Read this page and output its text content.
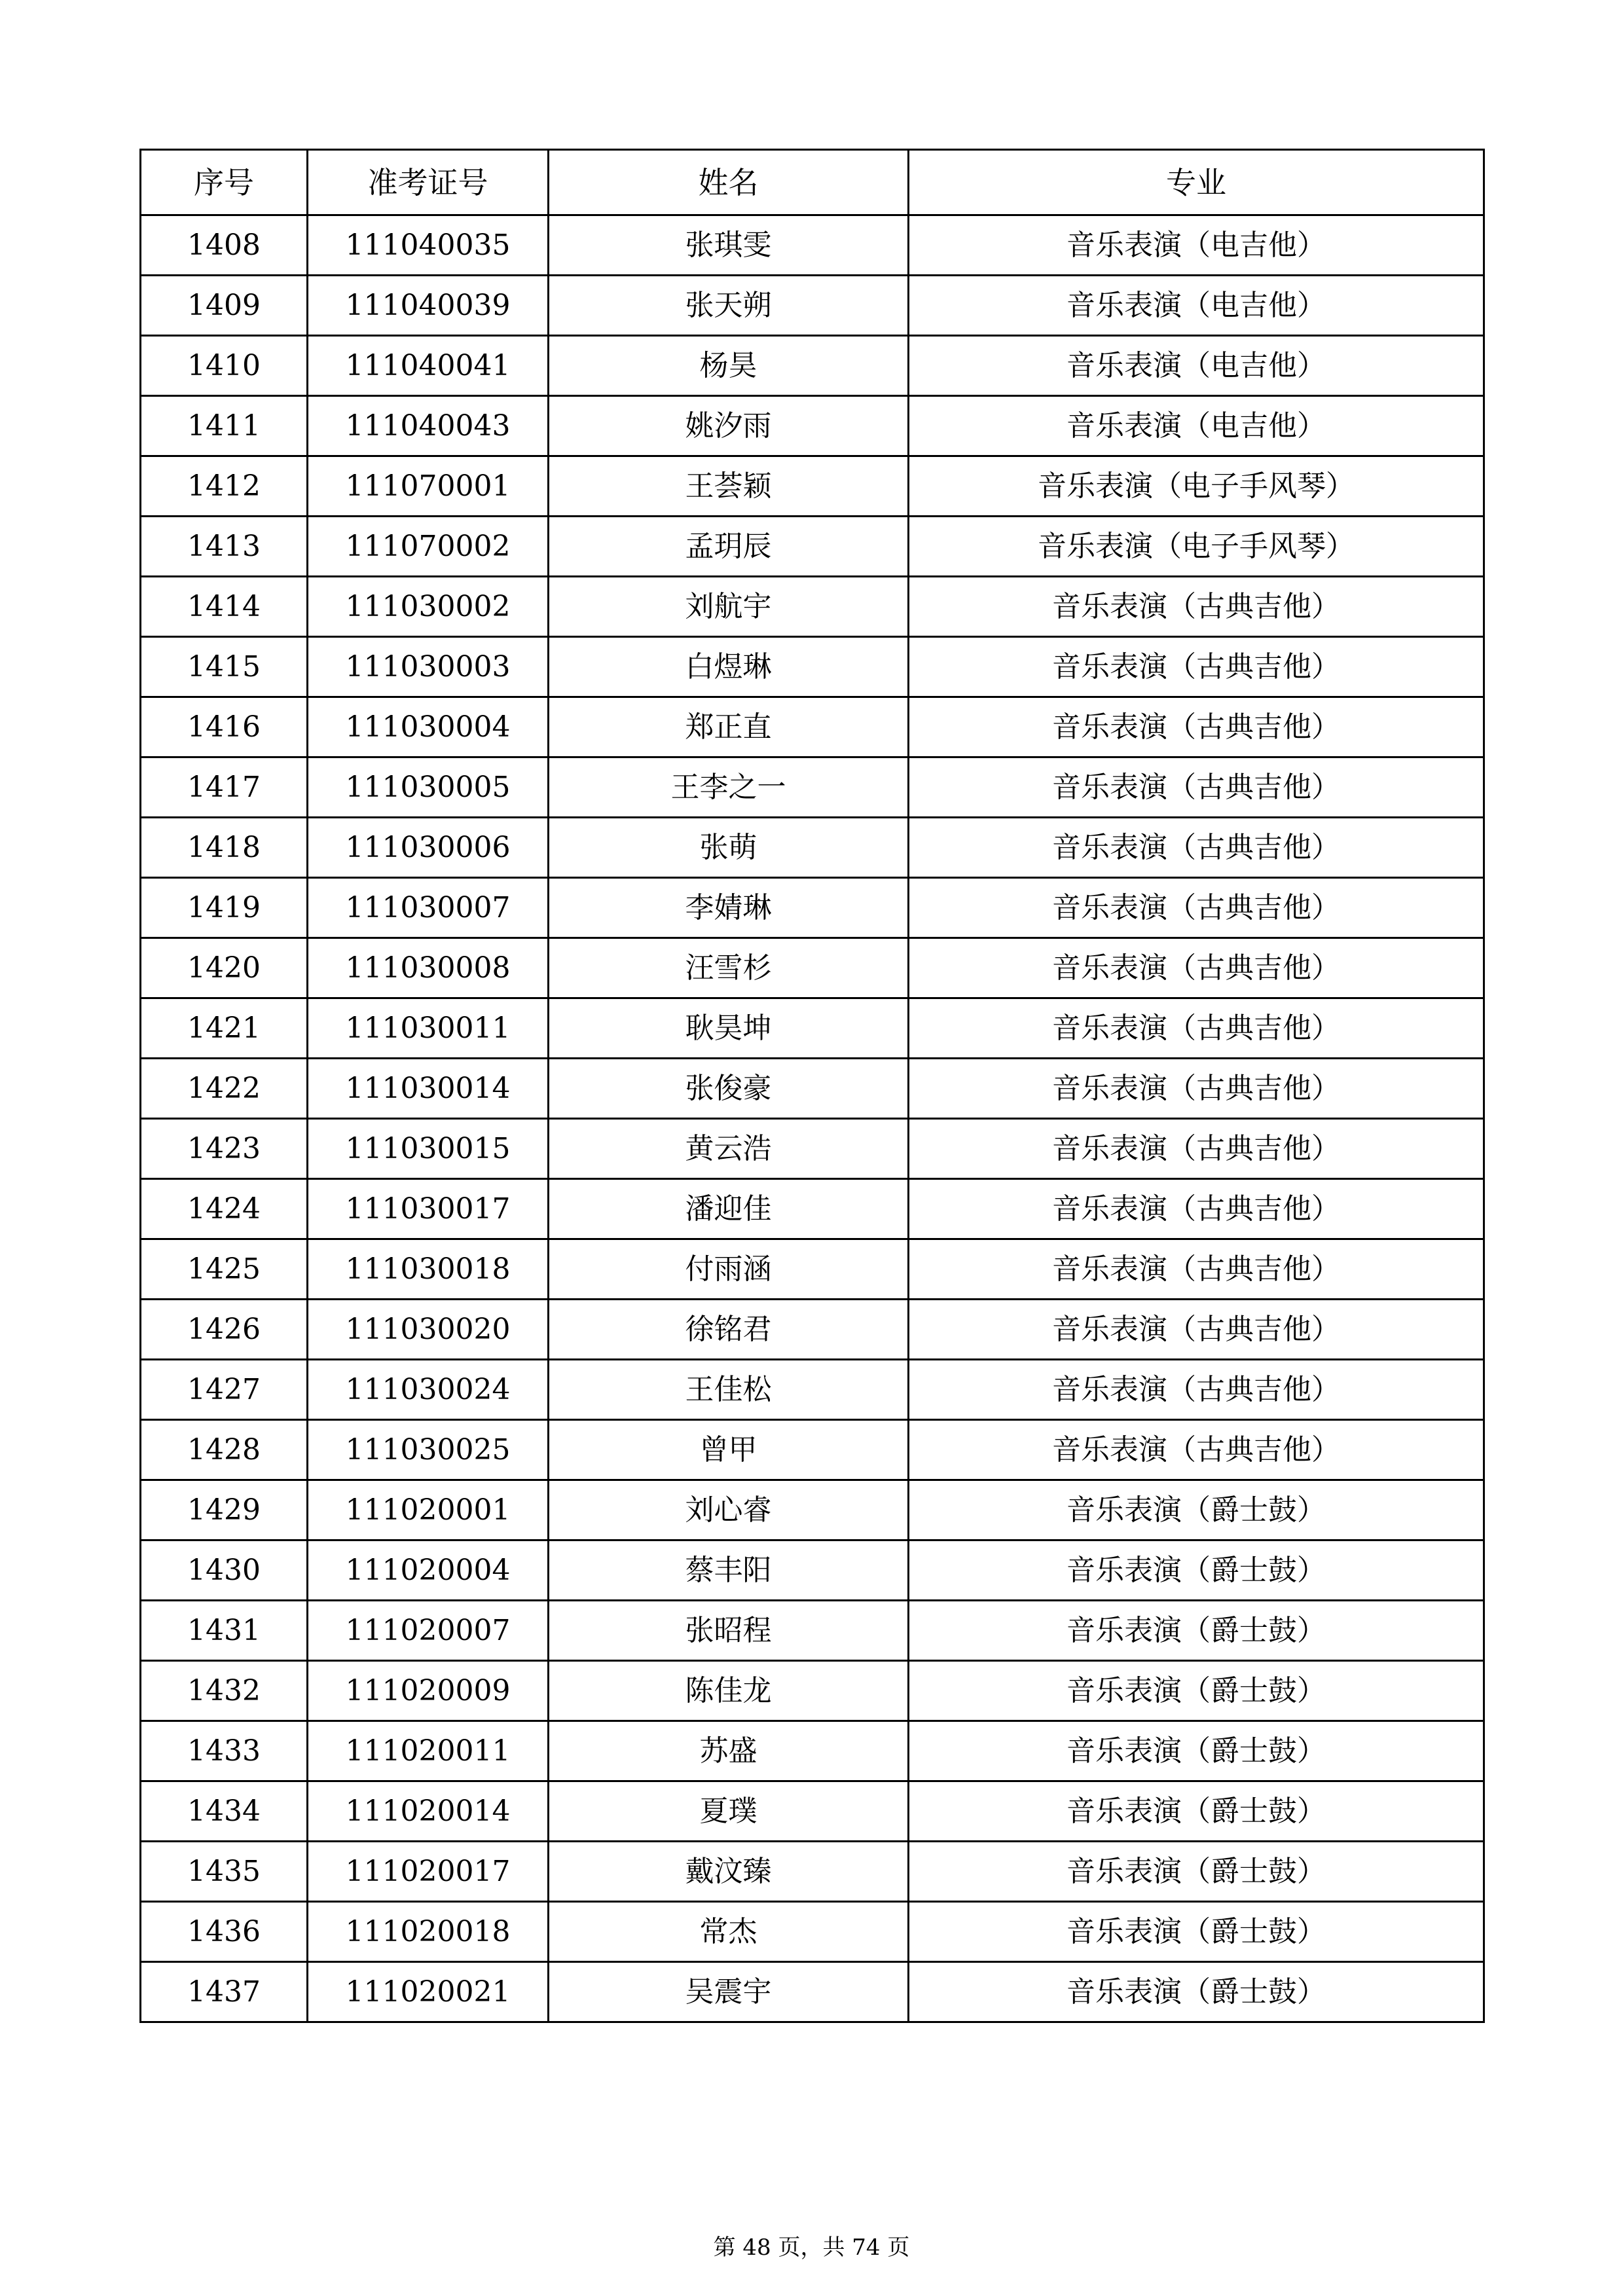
序号	准考证号	姓名	专业
1408	111040035	张琪雯	音乐表演（电吉他）
1409	111040039	张天朔	音乐表演（电吉他）
1410	111040041	杨昊	音乐表演（电吉他）
1411	111040043	姚汐雨	音乐表演（电吉他）
1412	111070001	王荟颖	音乐表演（电子手风琴）
1413	111070002	孟玥辰	音乐表演（电子手风琴）
1414	111030002	刘航宇	音乐表演（古典吉他）
1415	111030003	白煜琳	音乐表演（古典吉他）
1416	111030004	郑正直	音乐表演（古典吉他）
1417	111030005	王李之一	音乐表演（古典吉他）
1418	111030006	张萌	音乐表演（古典吉他）
1419	111030007	李婧琳	音乐表演（古典吉他）
1420	111030008	汪雪杉	音乐表演（古典吉他）
1421	111030011	耿昊坤	音乐表演（古典吉他）
1422	111030014	张俊豪	音乐表演（古典吉他）
1423	111030015	黄云浩	音乐表演（古典吉他）
1424	111030017	潘迎佳	音乐表演（古典吉他）
1425	111030018	付雨涵	音乐表演（古典吉他）
1426	111030020	徐铭君	音乐表演（古典吉他）
1427	111030024	王佳松	音乐表演（古典吉他）
1428	111030025	曾甲	音乐表演（古典吉他）
1429	111020001	刘心睿	音乐表演（爵士鼓）
1430	111020004	蔡丰阳	音乐表演（爵士鼓）
1431	111020007	张昭程	音乐表演（爵士鼓）
1432	111020009	陈佳龙	音乐表演（爵士鼓）
1433	111020011	苏盛	音乐表演（爵士鼓）
1434	111020014	夏璞	音乐表演（爵士鼓）
1435	111020017	戴汶臻	音乐表演（爵士鼓）
1436	111020018	常杰	音乐表演（爵士鼓）
1437	111020021	吴震宇	音乐表演（爵士鼓）
第 48 页，共 74 页
